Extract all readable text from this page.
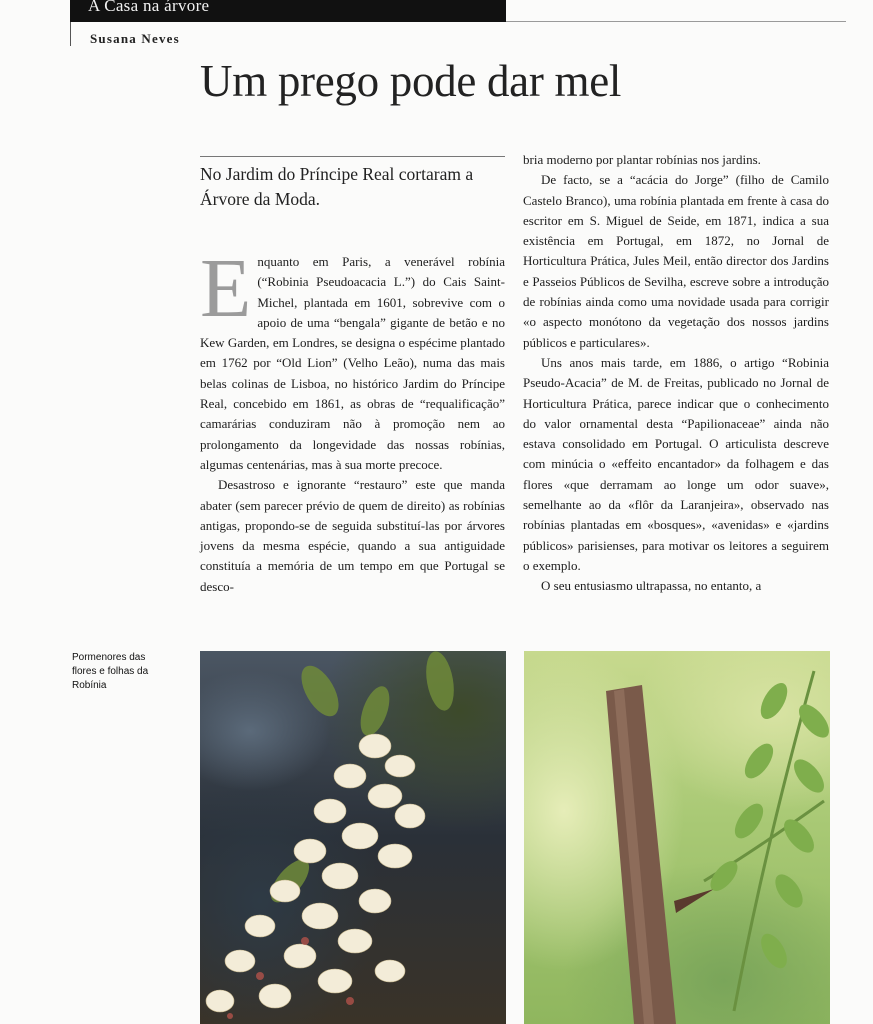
A Casa na árvore
Susana Neves
Um prego pode dar mel
No Jardim do Príncipe Real cortaram a Árvore da Moda.

Enquanto em Paris, a venerável robínia (“Robinia Pseudoacacia L.”) do Cais Saint-Michel, plantada em 1601, sobrevive com o apoio de uma “bengala” gigante de betão e no Kew Garden, em Londres, se designa o espécime plantado em 1762 por “Old Lion” (Velho Leão), numa das mais belas colinas de Lisboa, no histórico Jardim do Príncipe Real, concebido em 1861, as obras de “requalificação” camarárias conduziram não à promoção nem ao prolongamento da longevidade das nossas robínias, algumas centenárias, mas à sua morte precoce.

Desastroso e ignorante “restauro” este que manda abater (sem parecer prévio de quem de direito) as robínias antigas, propondo-se de seguida substituí-las por árvores jovens da mesma espécie, quando a sua antiguidade constituía a memória de um tempo em que Portugal se desco-

bria moderno por plantar robínias nos jardins.

De facto, se a “acácia do Jorge” (filho de Camilo Castelo Branco), uma robínia plantada em frente à casa do escritor em S. Miguel de Seide, em 1871, indica a sua existência em Portugal, em 1872, no Jornal de Horticultura Prática, Jules Meil, então director dos Jardins e Passeios Públicos de Sevilha, escreve sobre a introdução de robínias ainda como uma novidade usada para corrigir «o aspecto monótono da vegetação dos nossos jardins públicos e particulares».

Uns anos mais tarde, em 1886, o artigo “Robinia Pseudo-Acacia” de M. de Freitas, publicado no Jornal de Horticultura Prática, parece indicar que o conhecimento do valor ornamental desta “Papilionaceae” ainda não estava consolidado em Portugal. O articulista descreve com minúcia o «effeito encantador» da folhagem e das flores «que derramam ao longe um odor suave», semelhante ao da «flôr da Laranjeira», observado nas robínias plantadas em «bosques», «avenidas» e «jardins públicos» parisienses, para motivar os leitores a seguirem o exemplo.

O seu entusiasmo ultrapassa, no entanto, a

Pormenores das flores e folhas da Robínia
